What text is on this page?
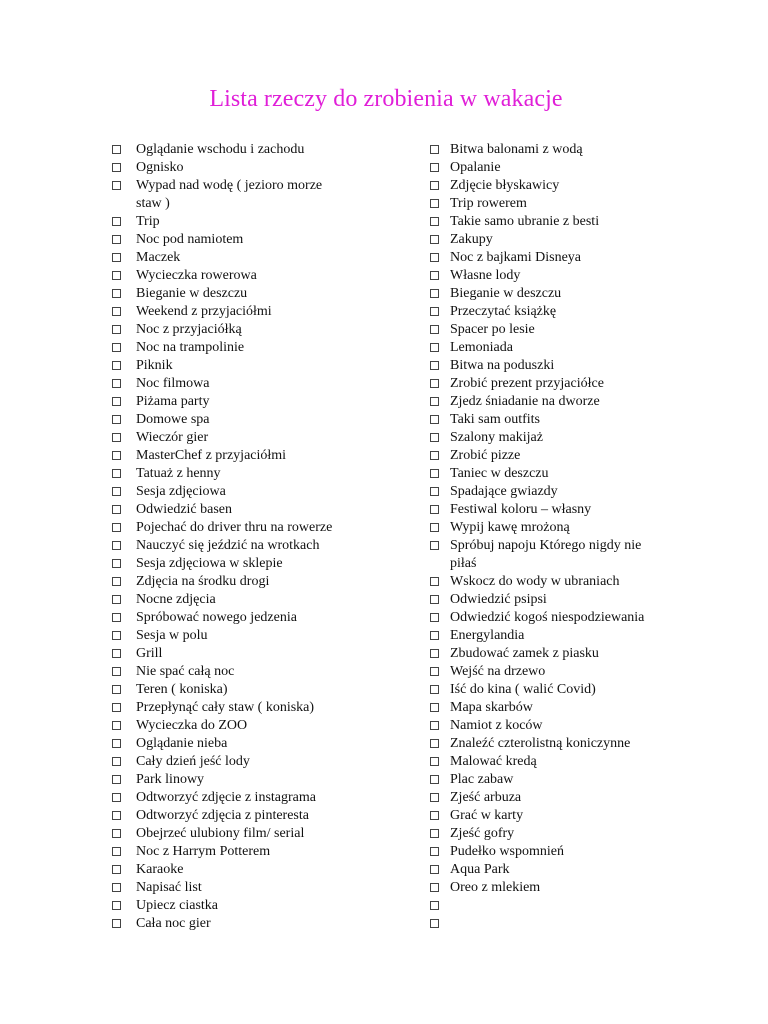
Lista rzeczy do zrobienia w wakacje
Oglądanie wschodu i zachodu
Ognisko
Wypad nad wodę ( jezioro morze
staw )
Trip
Noc pod namiotem
Maczek
Wycieczka rowerowa
Bieganie w deszczu
Weekend z przyjaciółmi
Noc z przyjaciółką
Noc na trampolinie
Piknik
Noc filmowa
Piżama party
Domowe spa
Wieczór gier
MasterChef z przyjaciółmi
Tatuaż z henny
Sesja zdjęciowa
Odwiedzić basen
Pojechać do driver thru na rowerze
Nauczyć się jeździć na wrotkach
Sesja zdjęciowa w sklepie
Zdjęcia na środku drogi
Nocne zdjęcia
Spróbować nowego jedzenia
Sesja w polu
Grill
Nie spać całą noc
Teren ( koniska)
Przepłynąć cały staw ( koniska)
Wycieczka do ZOO
Oglądanie nieba
Cały dzień jeść lody
Park linowy
Odtworzyć zdjęcie z instagrama
Odtworzyć zdjęcia z pinteresta
Obejrzeć ulubiony film/ serial
Noc z Harrym Potterem
Karaoke
Napisać list
Upiecz ciastka
Cała noc gier
Bitwa balonami z wodą
Opalanie
Zdjęcie błyskawicy
Trip rowerem
Takie samo ubranie z besti
Zakupy
Noc z bajkami Disneya
Własne lody
Bieganie w deszczu
Przeczytać książkę
Spacer po lesie
Lemoniada
Bitwa na poduszki
Zrobić prezent przyjaciółce
Zjedz śniadanie na dworze
Taki sam outfits
Szalony makijaż
Zrobić pizze
Taniec w deszczu
Spadające gwiazdy
Festiwal koloru – własny
Wypij kawę mrożoną
Spróbuj napoju Którego nigdy nie
piłaś
Wskocz do wody w ubraniach
Odwiedzić psipsi
Odwiedzić kogoś niespodziewania
Energylandia
Zbudować zamek z piasku
Wejść na drzewo
Iść do kina ( walić Covid)
Mapa skarbów
Namiot z koców
Znaleźć czterolistną koniczynne
Malować kredą
Plac zabaw
Zjeść arbuza
Grać w karty
Zjeść gofry
Pudełko wspomnień
Aqua Park
Oreo z mlekiem
